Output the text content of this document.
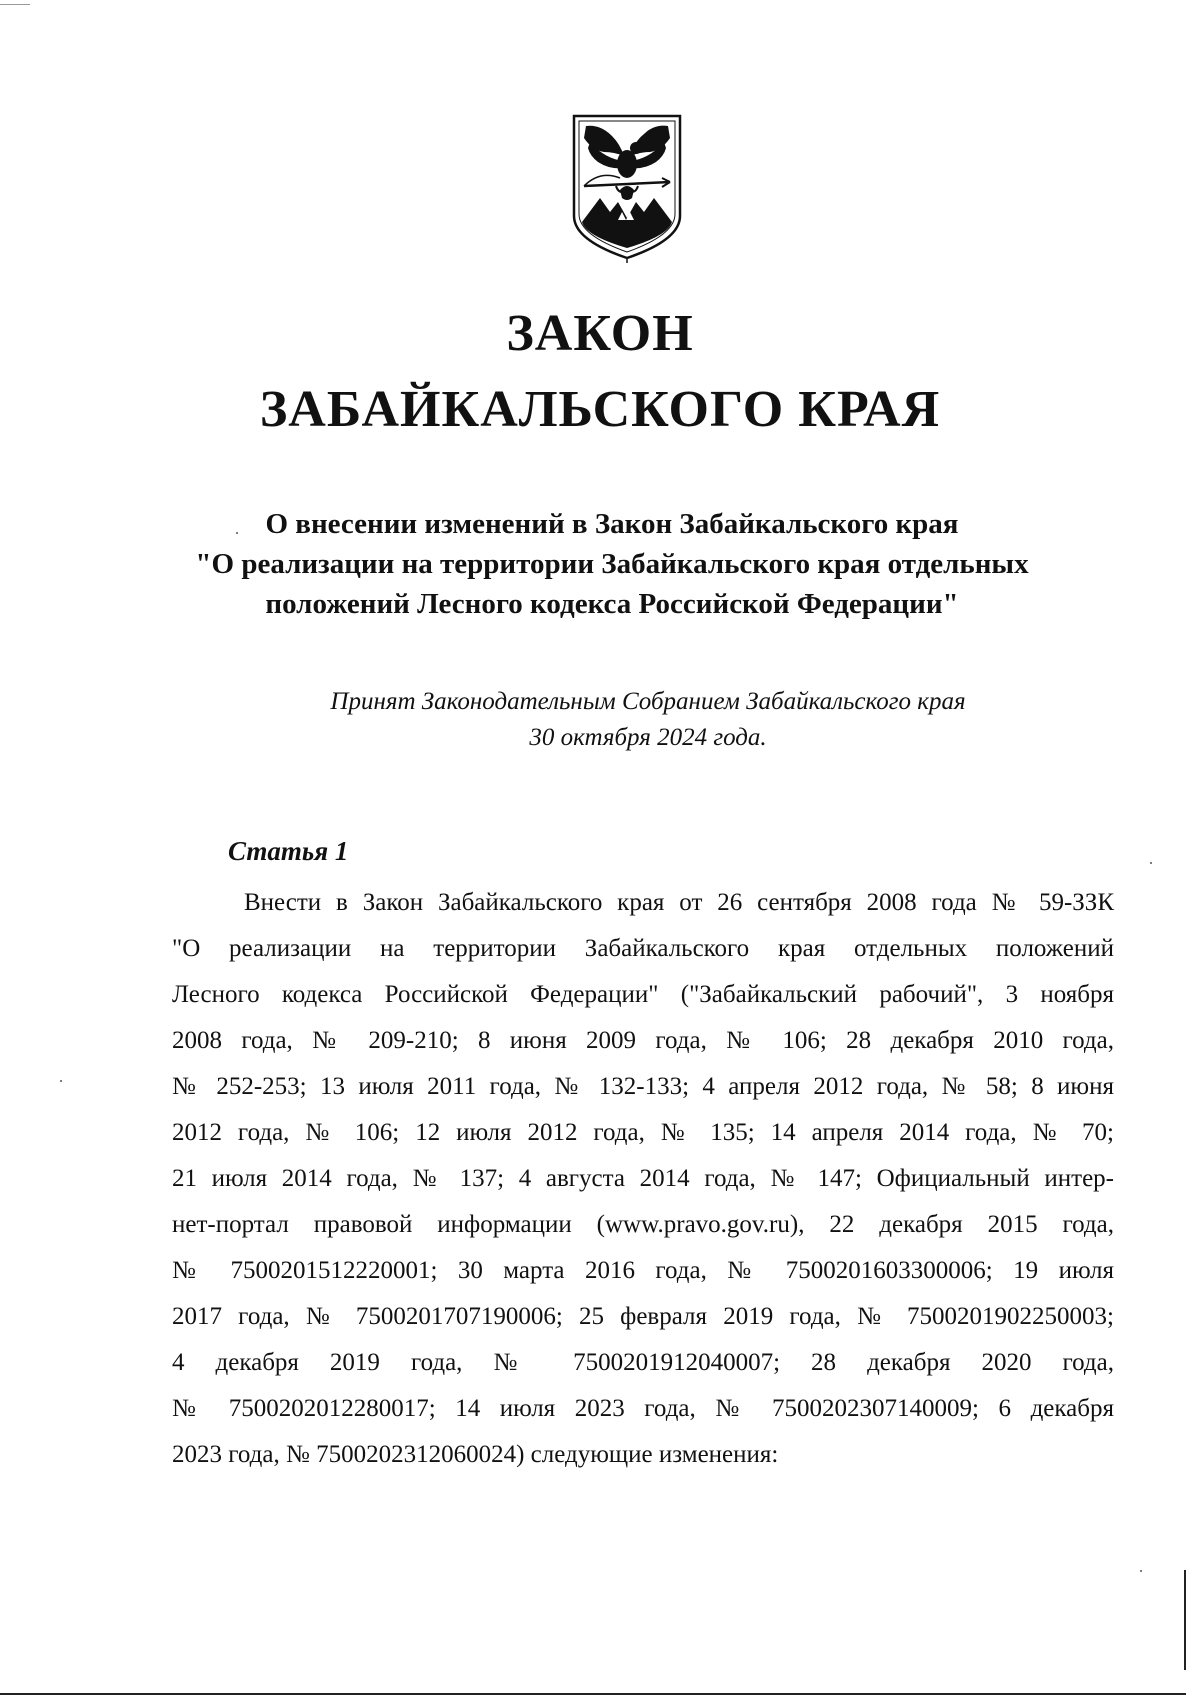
ЗАКОН
ЗАБАЙКАЛЬСКОГО КРАЯ
О внесении изменений в Закон Забайкальского края
"О реализации на территории Забайкальского края отдельных
положений Лесного кодекса Российской Федерации"
Принят Законодательным Собранием Забайкальского края
30 октября 2024 года.
Статья 1
Внести в Закон Забайкальского края от 26 сентября 2008 года № 59-ЗЗК
"О реализации на территории Забайкальского края отдельных положений
Лесного кодекса Российской Федерации" ("Забайкальский рабочий", 3 ноября
2008 года, № 209-210; 8 июня 2009 года, № 106; 28 декабря 2010 года,
№ 252-253; 13 июля 2011 года, № 132-133; 4 апреля 2012 года, № 58; 8 июня
2012 года, № 106; 12 июля 2012 года, № 135; 14 апреля 2014 года, № 70;
21 июля 2014 года, № 137; 4 августа 2014 года, № 147; Официальный интер-
нет-портал правовой информации (www.pravo.gov.ru), 22 декабря 2015 года,
№ 7500201512220001; 30 марта 2016 года, № 7500201603300006; 19 июля
2017 года, № 7500201707190006; 25 февраля 2019 года, № 7500201902250003;
4 декабря 2019 года, № 7500201912040007; 28 декабря 2020 года,
№ 7500202012280017; 14 июля 2023 года, № 7500202307140009; 6 декабря
2023 года, № 7500202312060024) следующие изменения:
